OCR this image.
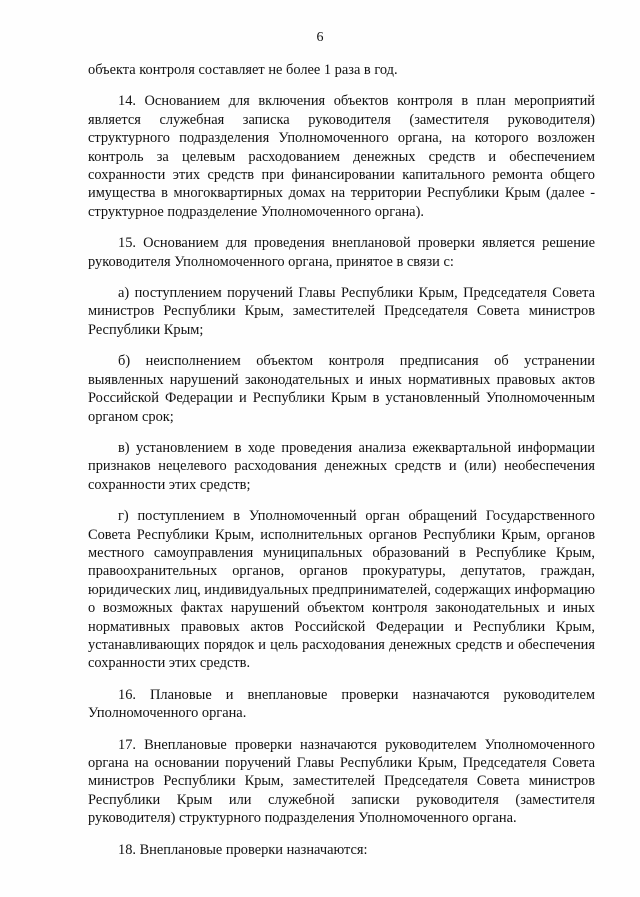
6

объекта контроля составляет не более 1 раза в год.

14. Основанием для включения объектов контроля в план мероприятий является служебная записка руководителя (заместителя руководителя) структурного подразделения Уполномоченного органа, на которого возложен контроль за целевым расходованием денежных средств и обеспечением сохранности этих средств при финансировании капитального ремонта общего имущества в многоквартирных домах на территории Республики Крым (далее - структурное подразделение Уполномоченного органа).

15. Основанием для проведения внеплановой проверки является решение руководителя Уполномоченного органа, принятое в связи с:

а) поступлением поручений Главы Республики Крым, Председателя Совета министров Республики Крым, заместителей Председателя Совета министров Республики Крым;

б) неисполнением объектом контроля предписания об устранении выявленных нарушений законодательных и иных нормативных правовых актов Российской Федерации и Республики Крым в установленный Уполномоченным органом срок;

в) установлением в ходе проведения анализа ежеквартальной информации признаков нецелевого расходования денежных средств и (или) необеспечения сохранности этих средств;

г) поступлением в Уполномоченный орган обращений Государственного Совета Республики Крым, исполнительных органов Республики Крым, органов местного самоуправления муниципальных образований в Республике Крым, правоохранительных органов, органов прокуратуры, депутатов, граждан, юридических лиц, индивидуальных предпринимателей, содержащих информацию о возможных фактах нарушений объектом контроля законодательных и иных нормативных правовых актов Российской Федерации и Республики Крым, устанавливающих порядок и цель расходования денежных средств и обеспечения сохранности этих средств.

16. Плановые и внеплановые проверки назначаются руководителем Уполномоченного органа.

17. Внеплановые проверки назначаются руководителем Уполномоченного органа на основании поручений Главы Республики Крым, Председателя Совета министров Республики Крым, заместителей Председателя Совета министров Республики Крым или служебной записки руководителя (заместителя руководителя) структурного подразделения Уполномоченного органа.

18. Внеплановые проверки назначаются:
